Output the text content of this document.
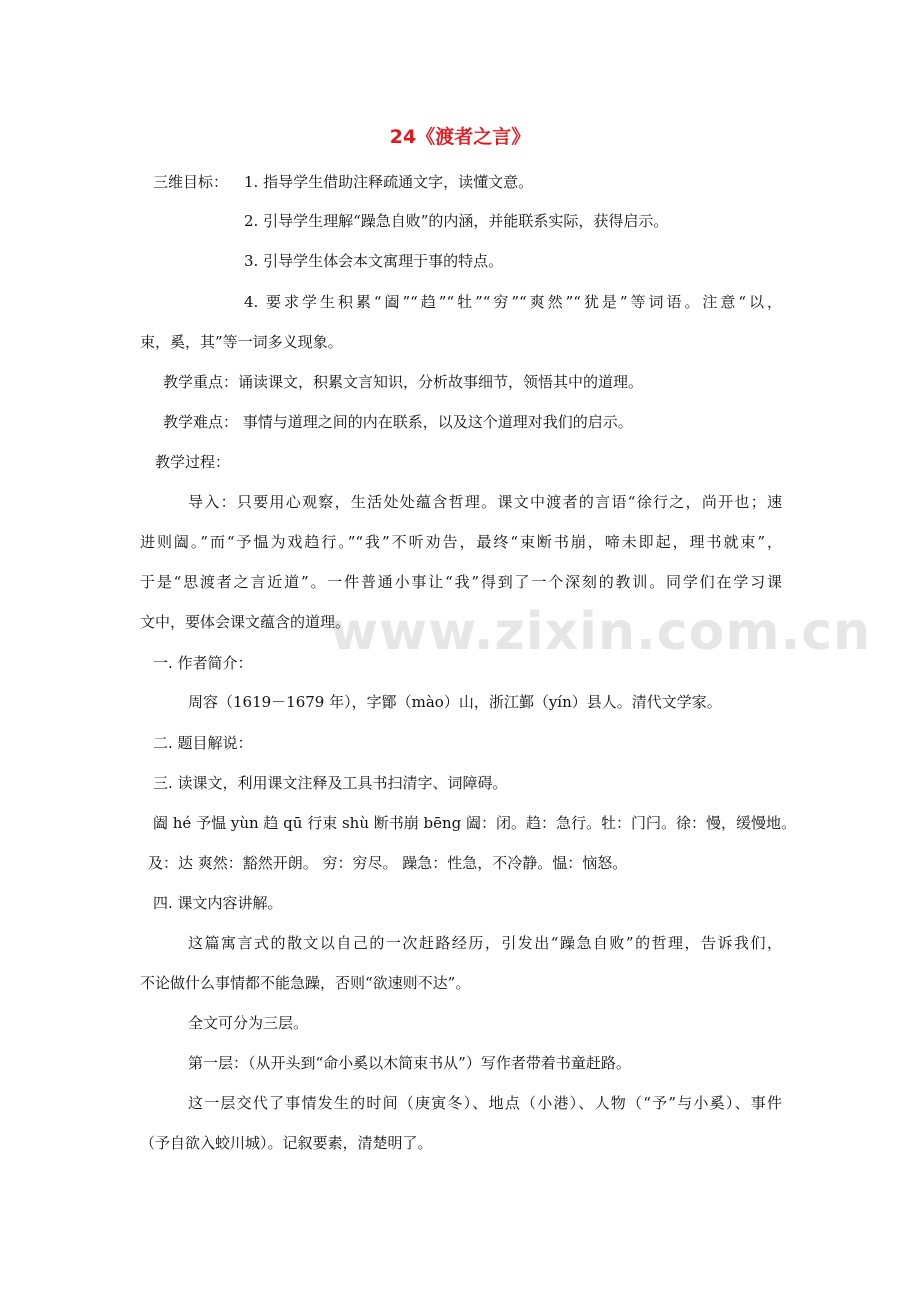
www.zixin.com.cn
24《渡者之言》
三维目标： 1. 指导学生借助注释疏通文字，读懂文意。
2. 引导学生理解“躁急自败”的内涵，并能联系实际，获得启示。
3. 引导学生体会本文寓理于事的特点。
4. 要求学生积累“阖”“趋”“牡”“穷”“爽然”“犹是”等词语。注意“以，
束，奚，其”等一词多义现象。
教学重点：诵读课文，积累文言知识，分析故事细节，领悟其中的道理。
教学难点： 事情与道理之间的内在联系，以及这个道理对我们的启示。
教学过程：
导入：只要用心观察，生活处处蕴含哲理。课文中渡者的言语“徐行之，尚开也；速
进则阖。”而“予愠为戏趋行。”“我”不听劝告，最终“束断书崩，啼未即起，理书就束”，
于是“思渡者之言近道”。一件普通小事让“我”得到了一个深刻的教训。同学们在学习课
文中，要体会课文蕴含的道理。
一. 作者简介：
周容（1619－1679 年），字鄮（mào）山，浙江鄞（yín）县人。清代文学家。
二. 题目解说：
三. 读课文，利用课文注释及工具书扫清字、词障碍。
阖 hé 予愠 yùn 趋 qū 行束 shù 断书崩 bēng 阖：闭。趋：急行。牡：门闩。徐：慢，缓慢地。
及：达 爽然：豁然开朗。 穷：穷尽。 躁急：性急，不冷静。愠：恼怒。
四. 课文内容讲解。
这篇寓言式的散文以自己的一次赶路经历，引发出“躁急自败”的哲理，告诉我们，
不论做什么事情都不能急躁，否则“欲速则不达”。
全文可分为三层。
第一层：（从开头到“命小奚以木简束书从”）写作者带着书童赶路。
这一层交代了事情发生的时间（庚寅冬）、地点（小港）、人物（“予”与小奚）、事件
（予自欲入蛟川城）。记叙要素，清楚明了。
